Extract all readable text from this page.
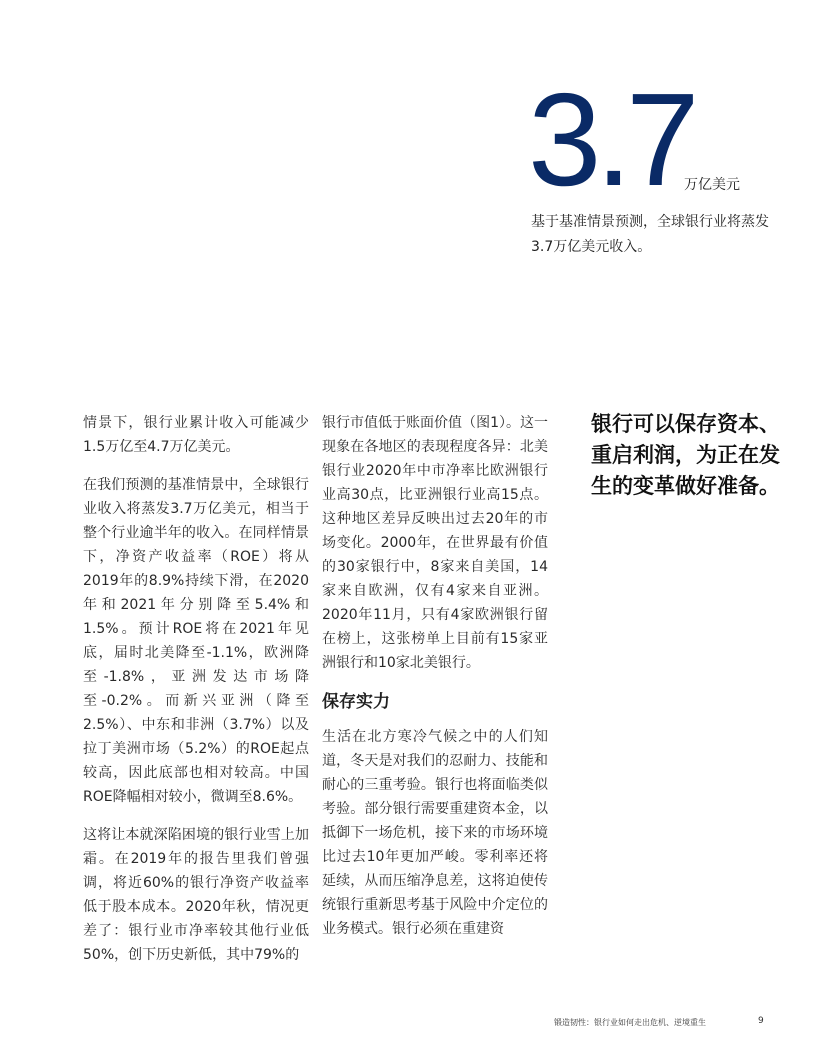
3.7
万亿美元

基于基准情景预测，全球银行业将蒸发3.7万亿美元收入。

情景下，银行业累计收入可能减少1.5万亿至4.7万亿美元。

在我们预测的基准情景中，全球银行业收入将蒸发3.7万亿美元，相当于整个行业逾半年的收入。在同样情景下，净资产收益率（ROE）将从2019年的8.9%持续下滑，在2020年和2021年分别降至5.4%和1.5%。预计ROE将在2021年见底，届时北美降至-1.1%，欧洲降至-1.8%，亚洲发达市场降至-0.2%。而新兴亚洲（降至2.5%）、中东和非洲（3.7%）以及拉丁美洲市场（5.2%）的ROE起点较高，因此底部也相对较高。中国ROE降幅相对较小，微调至8.6%。

这将让本就深陷困境的银行业雪上加霜。在2019年的报告里我们曾强调，将近60%的银行净资产收益率低于股本成本。2020年秋，情况更差了：银行业市净率较其他行业低50%，创下历史新低，其中79%的

银行市值低于账面价值（图1）。这一现象在各地区的表现程度各异：北美银行业2020年中市净率比欧洲银行业高30点，比亚洲银行业高15点。这种地区差异反映出过去20年的市场变化。2000年，在世界最有价值的30家银行中，8家来自美国，14家来自欧洲，仅有4家来自亚洲。2020年11月，只有4家欧洲银行留在榜上，这张榜单上目前有15家亚洲银行和10家北美银行。

保存实力

生活在北方寒冷气候之中的人们知道，冬天是对我们的忍耐力、技能和耐心的三重考验。银行也将面临类似考验。部分银行需要重建资本金，以抵御下一场危机，接下来的市场环境比过去10年更加严峻。零利率还将延续，从而压缩净息差，这将迫使传统银行重新思考基于风险中介定位的业务模式。银行必须在重建资

银行可以保存资本、重启利润，为正在发生的变革做好准备。

锻造韧性：银行业如何走出危机、逆境重生	9
